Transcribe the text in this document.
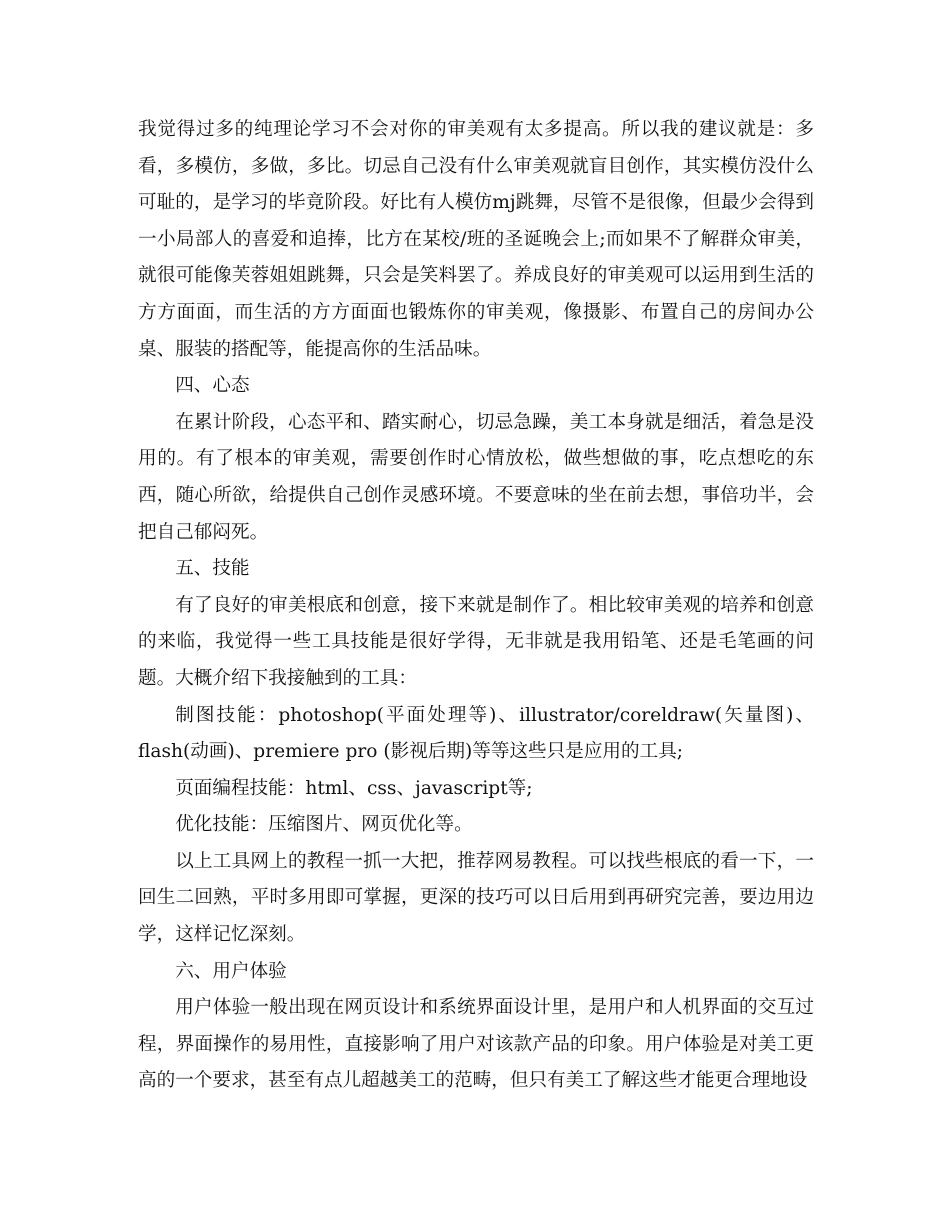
我觉得过多的纯理论学习不会对你的审美观有太多提高。所以我的建议就是：多看，多模仿，多做，多比。切忌自己没有什么审美观就盲目创作，其实模仿没什么可耻的，是学习的毕竟阶段。好比有人模仿mj跳舞，尽管不是很像，但最少会得到一小局部人的喜爱和追捧，比方在某校/班的圣诞晚会上;而如果不了解群众审美，就很可能像芙蓉姐姐跳舞，只会是笑料罢了。养成良好的审美观可以运用到生活的方方面面，而生活的方方面面也锻炼你的审美观，像摄影、布置自己的房间办公桌、服装的搭配等，能提高你的生活品味。

四、心态

在累计阶段，心态平和、踏实耐心，切忌急躁，美工本身就是细活，着急是没用的。有了根本的审美观，需要创作时心情放松，做些想做的事，吃点想吃的东西，随心所欲，给提供自己创作灵感环境。不要意味的坐在前去想，事倍功半，会把自己郁闷死。

五、技能

有了良好的审美根底和创意，接下来就是制作了。相比较审美观的培养和创意的来临，我觉得一些工具技能是很好学得，无非就是我用铅笔、还是毛笔画的问题。大概介绍下我接触到的工具：

制图技能：photoshop(平面处理等)、illustrator/coreldraw(矢量图)、flash(动画)、premiere pro (影视后期)等等这些只是应用的工具;

页面编程技能：html、css、javascript等;

优化技能：压缩图片、网页优化等。

以上工具网上的教程一抓一大把，推荐网易教程。可以找些根底的看一下，一回生二回熟，平时多用即可掌握，更深的技巧可以日后用到再研究完善，要边用边学，这样记忆深刻。

六、用户体验

用户体验一般出现在网页设计和系统界面设计里，是用户和人机界面的交互过程，界面操作的易用性，直接影响了用户对该款产品的印象。用户体验是对美工更高的一个要求，甚至有点儿超越美工的范畴，但只有美工了解这些才能更合理地设
